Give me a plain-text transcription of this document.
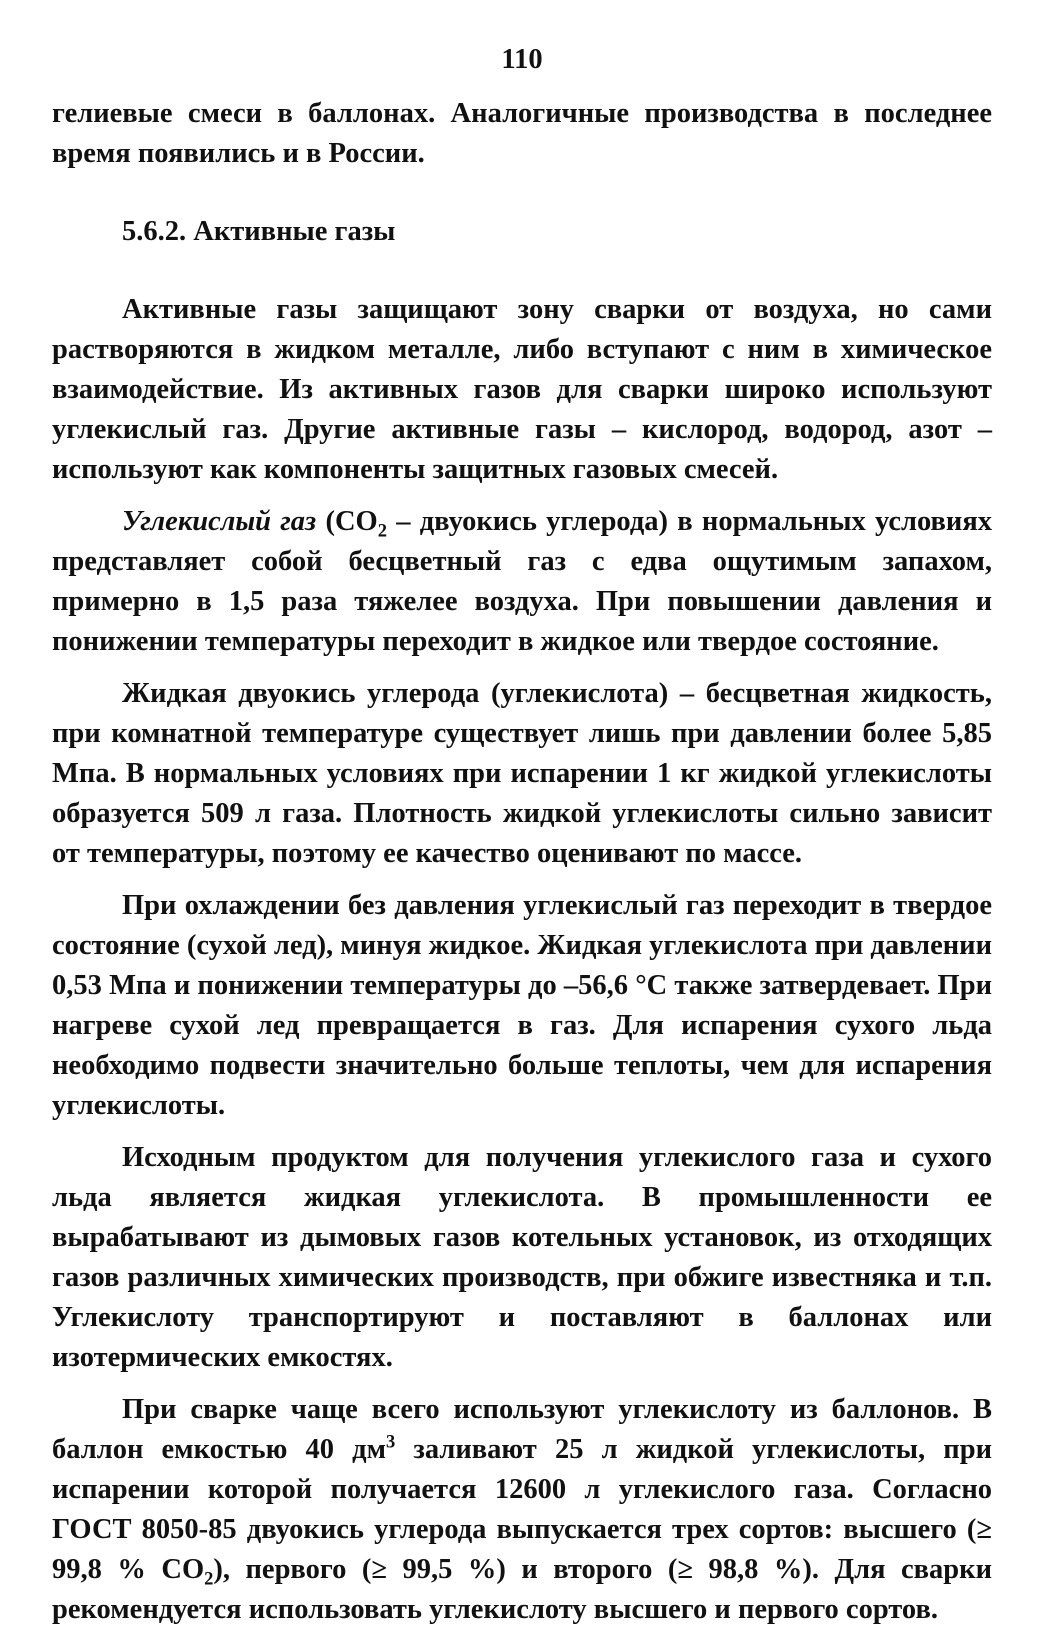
110

гелиевые смеси в баллонах. Аналогичные производства в последнее время появились и в России.

5.6.2. Активные газы

Активные газы защищают зону сварки от воздуха, но сами растворяются в жидком металле, либо вступают с ним в химическое взаимодействие. Из активных газов для сварки широко используют углекислый газ. Другие активные газы – кислород, водород, азот – используют как компоненты защитных газовых смесей.

Углекислый газ ($CO_2$ – двуокись углерода) в нормальных условиях представляет собой бесцветный газ с едва ощутимым запахом, примерно в 1,5 раза тяжелее воздуха. При повышении давления и понижении температуры переходит в жидкое или твердое состояние.

Жидкая двуокись углерода (углекислота) – бесцветная жидкость, при комнатной температуре существует лишь при давлении более 5,85 Мпа. В нормальных условиях при испарении 1 кг жидкой углекислоты образуется 509 л газа. Плотность жидкой углекислоты сильно зависит от температуры, поэтому ее качество оценивают по массе.

При охлаждении без давления углекислый газ переходит в твердое состояние (сухой лед), минуя жидкое. Жидкая углекислота при давлении 0,53 Мпа и понижении температуры до –56,6 °С также затвердевает. При нагреве сухой лед превращается в газ. Для испарения сухого льда необходимо подвести значительно больше теплоты, чем для испарения углекислоты.

Исходным продуктом для получения углекислого газа и сухого льда является жидкая углекислота. В промышленности ее вырабатывают из дымовых газов котельных установок, из отходящих газов различных химических производств, при обжиге известняка и т.п. Углекислоту транспортируют и поставляют в баллонах или изотермических емкостях.

При сварке чаще всего используют углекислоту из баллонов. В баллон емкостью 40 $дм^3$ заливают 25 л жидкой углекислоты, при испарении которой получается 12600 л углекислого газа. Согласно ГОСТ 8050-85 двуокись углерода выпускается трех сортов: высшего (≥ 99,8 % $CO_2$), первого (≥ 99,5 %) и второго (≥ 98,8 %). Для сварки рекомендуется использовать углекислоту высшего и первого сортов.
